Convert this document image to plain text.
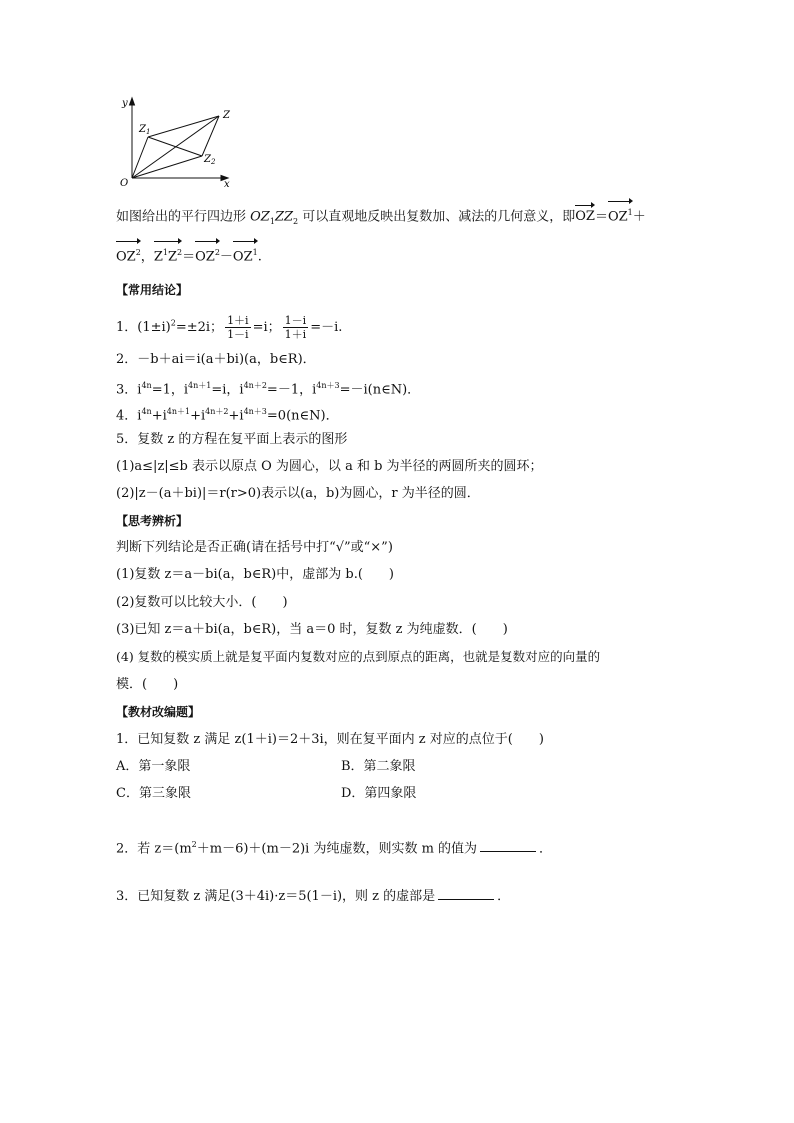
y
x
O
Z
$Z_1$
$Z_2$
如图给出的平行四边形 $OZ_1ZZ_2$ 可以直观地反映出复数加、减法的几何意义，即$OZ=OZ^1+$
$OZ^2$，$Z^1Z^2=OZ^2-OZ^1$.
【常用结论】
1．$(1\pm i)^2=\pm 2i$； $\frac{1+i}{1-i} =i$； $\frac{1-i}{1+i} =-i$.
2．－b＋ai＝i(a＋bi)(a，b∈R)．
3．$i^{4n}=1$，$i^{4n+1}=i$，$i^{4n+2}=-1$，$i^{4n+3}=-i(n\in N)$．
4．$i^{4n}+i^{4n+1}+i^{4n+2}+i^{4n+3}=0(n\in N)$．
5．复数 z 的方程在复平面上表示的图形
(1)a≤|z|≤b 表示以原点 O 为圆心，以 a 和 b 为半径的两圆所夹的圆环；
(2)|z－(a＋bi)|＝r(r>0)表示以(a，b)为圆心，r 为半径的圆．
【思考辨析】
判断下列结论是否正确(请在括号中打“√”或“×”)
(1)复数 z＝a－bi(a，b∈R)中，虚部为 b.(　　)
(2)复数可以比较大小．(　　)
(3)已知 z＝a＋bi(a，b∈R)，当 a＝0 时，复数 z 为纯虚数．(　　)
(4) 复数的模实质上就是复平面内复数对应的点到原点的距离，也就是复数对应的向量的
模．(　　)
【教材改编题】
1．已知复数 z 满足 z(1＋i)＝2＋3i，则在复平面内 z 对应的点位于(　　)
A．第一象限	B．第二象限
C．第三象限	D．第四象限
2．若 $z=(m^2+m-6)+(m-2)i$ 为纯虚数，则实数 m 的值为	．
3．已知复数 z 满足(3＋4i)·z＝5(1－i)，则 z 的虚部是	．
